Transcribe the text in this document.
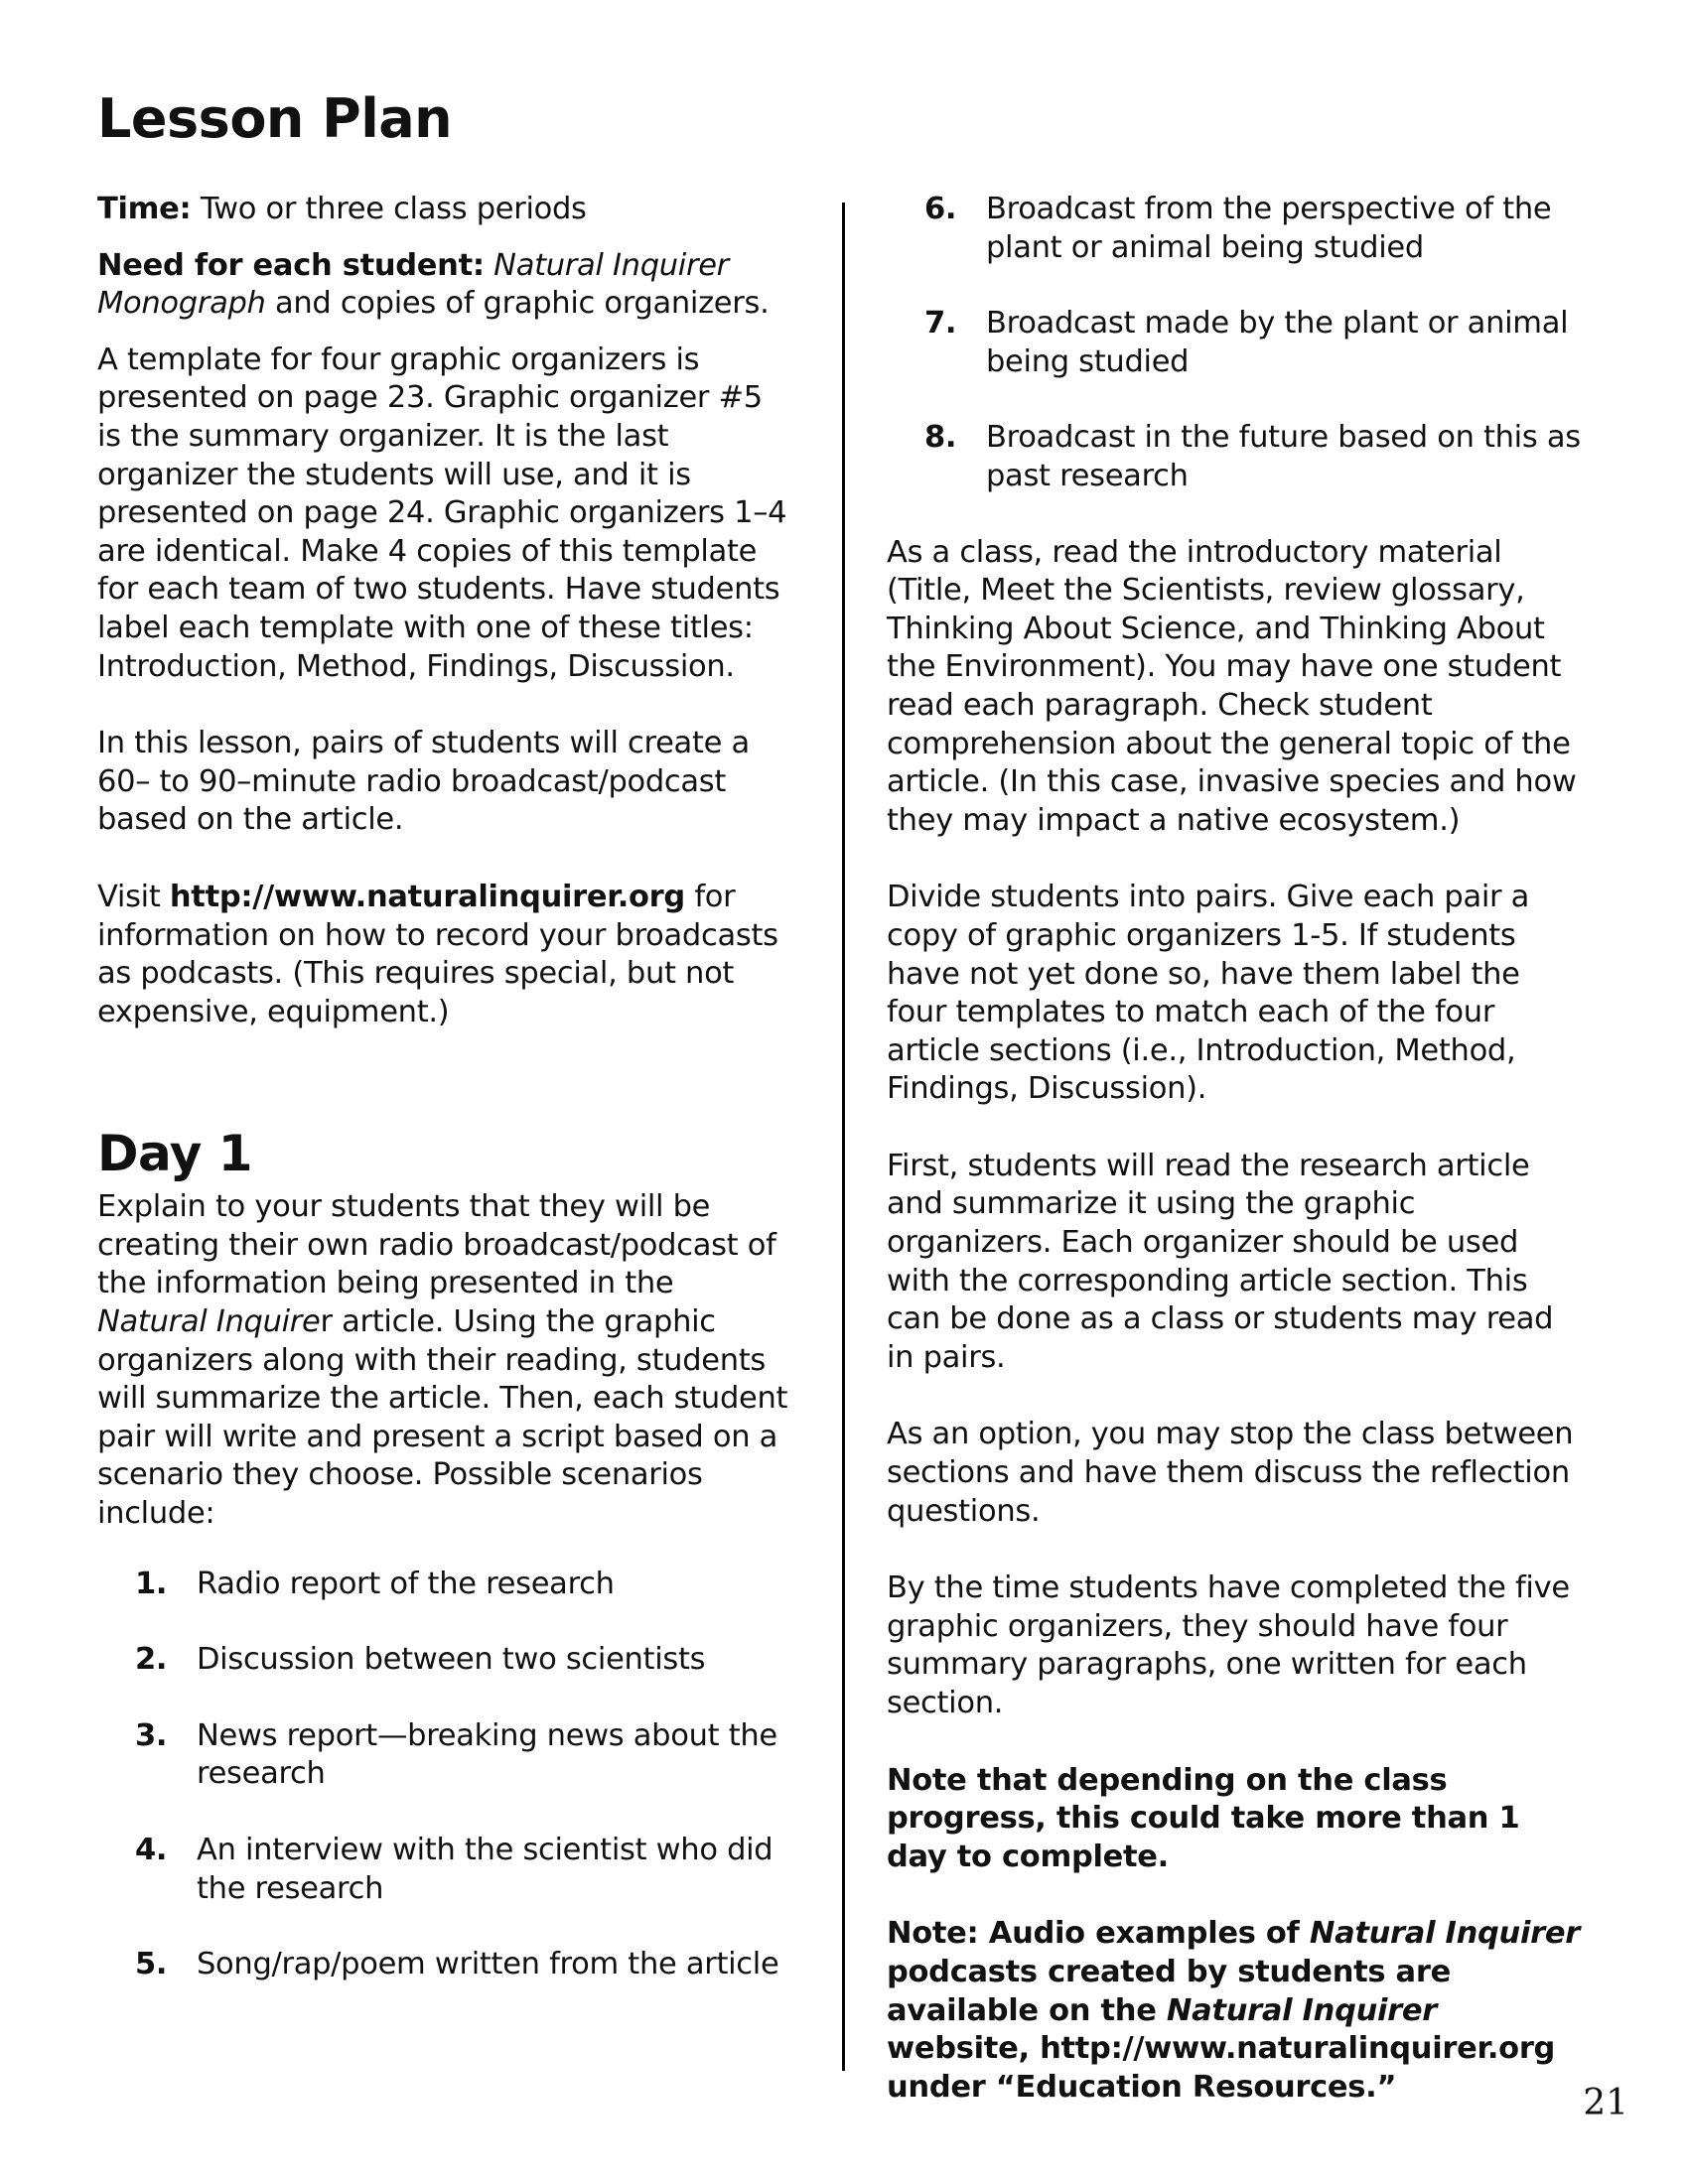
Lesson Plan

Time: Two or three class periods

Need for each student: Natural Inquirer Monograph and copies of graphic organizers.

A template for four graphic organizers is presented on page 23. Graphic organizer #5 is the summary organizer. It is the last organizer the students will use, and it is presented on page 24. Graphic organizers 1–4 are identical. Make 4 copies of this template for each team of two students. Have students label each template with one of these titles: Introduction, Method, Findings, Discussion.

In this lesson, pairs of students will create a 60– to 90–minute radio broadcast/podcast based on the article.

Visit http://www.naturalinquirer.org for information on how to record your broadcasts as podcasts. (This requires special, but not expensive, equipment.)

Day 1

Explain to your students that they will be creating their own radio broadcast/podcast of the information being presented in the Natural Inquirer article. Using the graphic organizers along with their reading, students will summarize the article. Then, each student pair will write and present a script based on a scenario they choose. Possible scenarios include:

1. Radio report of the research
2. Discussion between two scientists
3. News report—breaking news about the research
4. An interview with the scientist who did the research
5. Song/rap/poem written from the article
6. Broadcast from the perspective of the plant or animal being studied
7. Broadcast made by the plant or animal being studied
8. Broadcast in the future based on this as past research

As a class, read the introductory material (Title, Meet the Scientists, review glossary, Thinking About Science, and Thinking About the Environment). You may have one student read each paragraph. Check student comprehension about the general topic of the article. (In this case, invasive species and how they may impact a native ecosystem.)

Divide students into pairs. Give each pair a copy of graphic organizers 1-5. If students have not yet done so, have them label the four templates to match each of the four article sections (i.e., Introduction, Method, Findings, Discussion).

First, students will read the research article and summarize it using the graphic organizers. Each organizer should be used with the corresponding article section. This can be done as a class or students may read in pairs.

As an option, you may stop the class between sections and have them discuss the reflection questions.

By the time students have completed the five graphic organizers, they should have four summary paragraphs, one written for each section.

Note that depending on the class progress, this could take more than 1 day to complete.

Note: Audio examples of Natural Inquirer podcasts created by students are available on the Natural Inquirer website, http://www.naturalinquirer.org under “Education Resources.”	21
